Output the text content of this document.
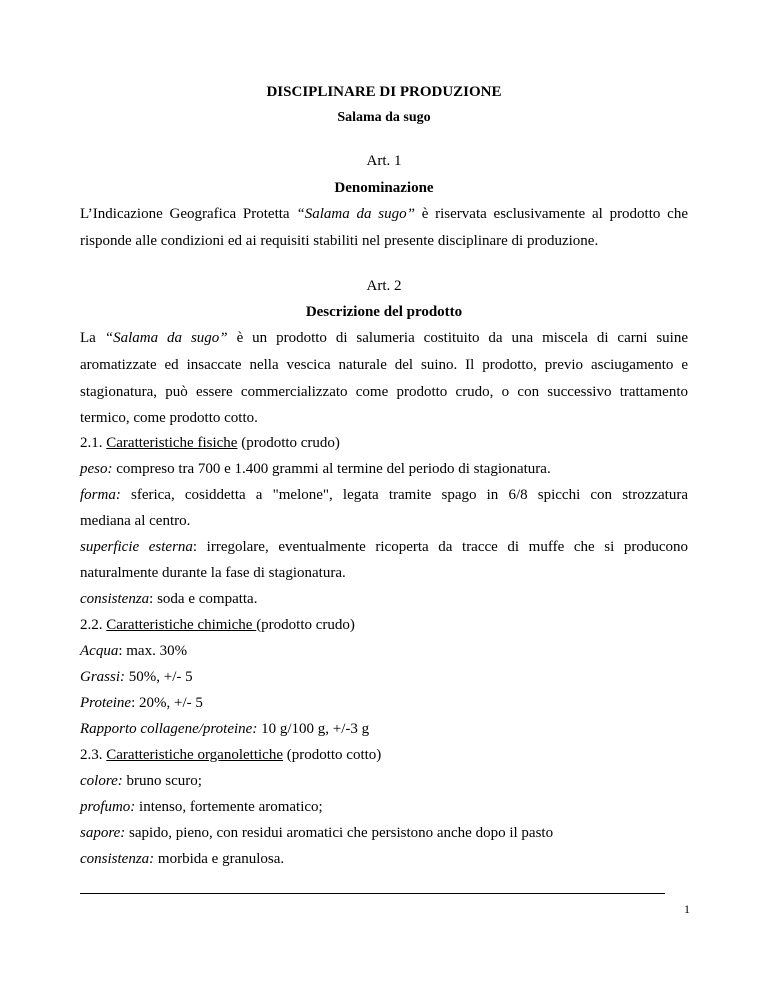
DISCIPLINARE DI PRODUZIONE
Salama da sugo
Art. 1
Denominazione
L’Indicazione Geografica Protetta “Salama da sugo” è riservata esclusivamente al prodotto che
risponde alle condizioni ed ai requisiti stabiliti nel presente disciplinare di produzione.
Art. 2
Descrizione del prodotto
La “Salama da sugo” è un prodotto di salumeria costituito da una miscela di carni suine
aromatizzate ed insaccate nella vescica naturale del suino. Il prodotto, previo asciugamento e
stagionatura, può essere commercializzato come prodotto crudo, o con successivo trattamento
termico, come prodotto cotto.
2.1. Caratteristiche fisiche (prodotto crudo)
peso: compreso tra 700 e 1.400 grammi al termine del periodo di stagionatura.
forma: sferica, cosiddetta a "melone", legata tramite spago in 6/8 spicchi con strozzatura
mediana al centro.
superficie esterna: irregolare, eventualmente ricoperta da tracce di muffe che si producono
naturalmente durante la fase di stagionatura.
consistenza: soda e compatta.
2.2. Caratteristiche chimiche (prodotto crudo)
Acqua: max. 30%
Grassi: 50%, +/- 5
Proteine: 20%, +/- 5
Rapporto collagene/proteine: 10 g/100 g, +/-3 g
2.3. Caratteristiche organolettiche (prodotto cotto)
colore: bruno scuro;
profumo: intenso, fortemente aromatico;
sapore: sapido, pieno, con residui aromatici che persistono anche dopo il pasto
consistenza: morbida e granulosa.
1
